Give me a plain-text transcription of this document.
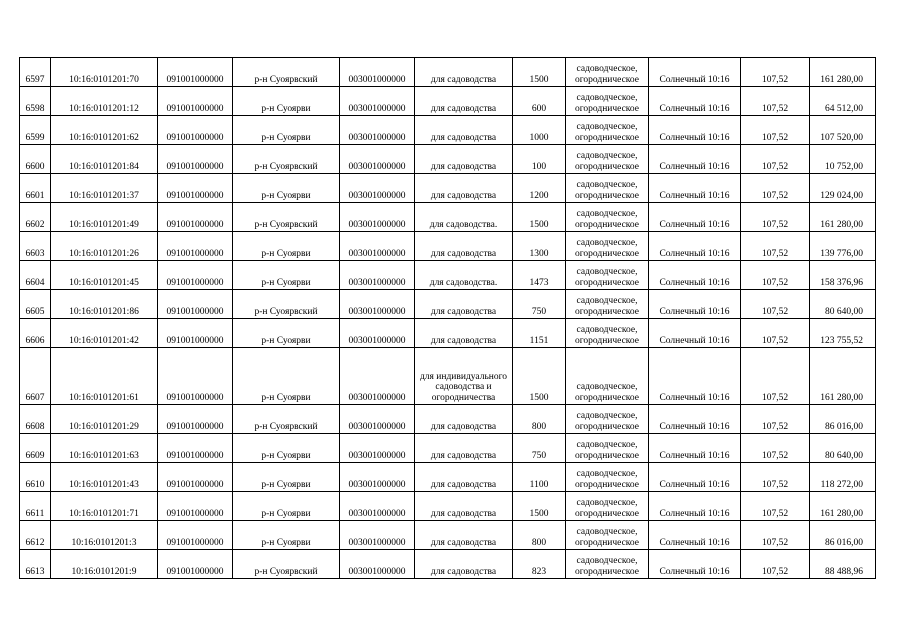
6597	10:16:0101201:70	091001000000	р-н Суоярвский	003001000000	для садоводства	1500	садоводческое, огородническое	Солнечный 10:16	107,52	161 280,00
6598	10:16:0101201:12	091001000000	р-н Суоярви	003001000000	для садоводства	600	садоводческое, огородническое	Солнечный 10:16	107,52	64 512,00
6599	10:16:0101201:62	091001000000	р-н Суоярви	003001000000	для садоводства	1000	садоводческое, огородническое	Солнечный 10:16	107,52	107 520,00
6600	10:16:0101201:84	091001000000	р-н Суоярвский	003001000000	для садоводства	100	садоводческое, огородническое	Солнечный 10:16	107,52	10 752,00
6601	10:16:0101201:37	091001000000	р-н Суоярви	003001000000	для садоводства	1200	садоводческое, огородническое	Солнечный 10:16	107,52	129 024,00
6602	10:16:0101201:49	091001000000	р-н Суоярвский	003001000000	для садоводства.	1500	садоводческое, огородническое	Солнечный 10:16	107,52	161 280,00
6603	10:16:0101201:26	091001000000	р-н Суоярви	003001000000	для садоводства	1300	садоводческое, огородническое	Солнечный 10:16	107,52	139 776,00
6604	10:16:0101201:45	091001000000	р-н Суоярви	003001000000	для садоводства.	1473	садоводческое, огородническое	Солнечный 10:16	107,52	158 376,96
6605	10:16:0101201:86	091001000000	р-н Суоярвский	003001000000	для садоводства	750	садоводческое, огородническое	Солнечный 10:16	107,52	80 640,00
6606	10:16:0101201:42	091001000000	р-н Суоярви	003001000000	для садоводства	1151	садоводческое, огородническое	Солнечный 10:16	107,52	123 755,52
6607	10:16:0101201:61	091001000000	р-н Суоярви	003001000000	для индивидуального садоводства и огородничества	1500	садоводческое, огородническое	Солнечный 10:16	107,52	161 280,00
6608	10:16:0101201:29	091001000000	р-н Суоярвский	003001000000	для садоводства	800	садоводческое, огородническое	Солнечный 10:16	107,52	86 016,00
6609	10:16:0101201:63	091001000000	р-н Суоярви	003001000000	для садоводства	750	садоводческое, огородническое	Солнечный 10:16	107,52	80 640,00
6610	10:16:0101201:43	091001000000	р-н Суоярви	003001000000	для садоводства	1100	садоводческое, огородническое	Солнечный 10:16	107,52	118 272,00
6611	10:16:0101201:71	091001000000	р-н Суоярви	003001000000	для садоводства	1500	садоводческое, огородническое	Солнечный 10:16	107,52	161 280,00
6612	10:16:0101201:3	091001000000	р-н Суоярви	003001000000	для садоводства	800	садоводческое, огородническое	Солнечный 10:16	107,52	86 016,00
6613	10:16:0101201:9	091001000000	р-н Суоярвский	003001000000	для садоводства	823	садоводческое, огородническое	Солнечный 10:16	107,52	88 488,96
